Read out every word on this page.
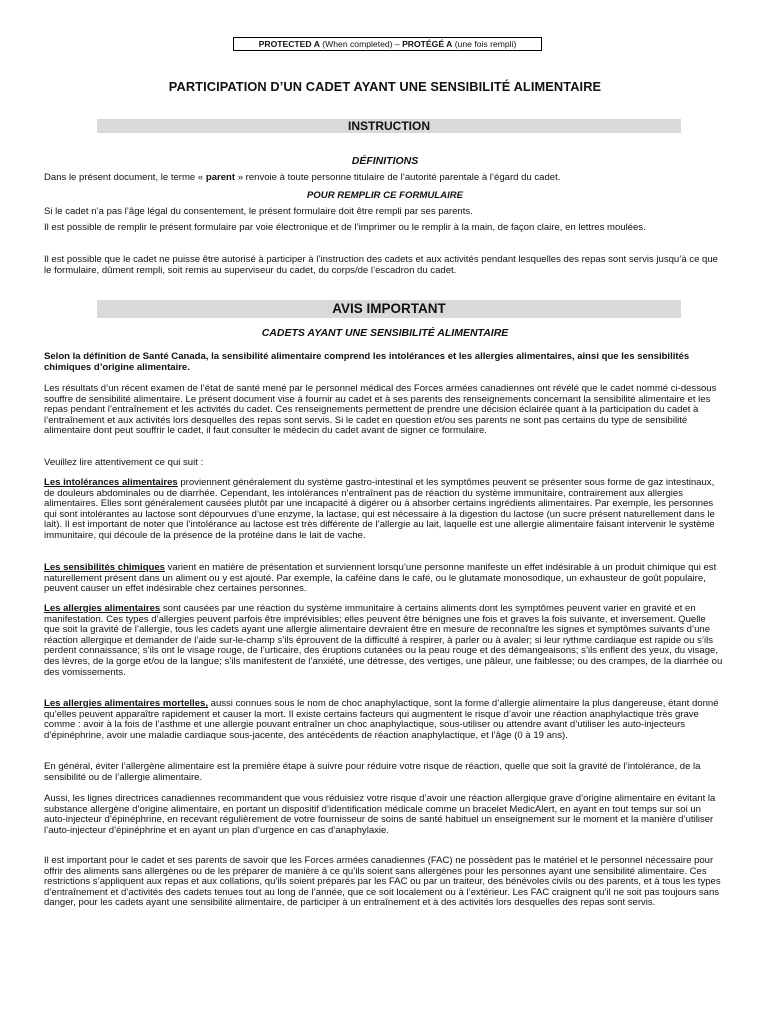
PROTECTED A (When completed) – PROTÉGÉ A (une fois rempli)
PARTICIPATION D’UN CADET AYANT UNE SENSIBILITÉ ALIMENTAIRE
INSTRUCTION
DÉFINITIONS

Dans le présent document, le terme « parent » renvoie à toute personne titulaire de l’autorité parentale à l’égard du cadet.

POUR REMPLIR CE FORMULAIRE

Si le cadet n’a pas l’âge légal du consentement, le présent formulaire doit être rempli par ses parents.

Il est possible de remplir le présent formulaire par voie électronique et de l’imprimer ou le remplir à la main, de façon claire, en lettres moulées.

Il est possible que le cadet ne puisse être autorisé à participer à l’instruction des cadets et aux activités pendant lesquelles des repas sont servis jusqu’à ce que le formulaire, dûment rempli, soit remis au superviseur du cadet, du corps/de l’escadron du cadet.

AVIS IMPORTANT
CADETS AYANT UNE SENSIBILITÉ ALIMENTAIRE

Selon la définition de Santé Canada, la sensibilité alimentaire comprend les intolérances et les allergies alimentaires, ainsi que les sensibilités chimiques d’origine alimentaire.

Les résultats d’un récent examen de l’état de santé mené par le personnel médical des Forces armées canadiennes ont révélé que le cadet nommé ci-dessous souffre de sensibilité alimentaire. Le présent document vise à fournir au cadet et à ses parents des renseignements concernant la sensibilité alimentaire et les repas pendant l’entraînement et les activités du cadet. Ces renseignements permettent de prendre une décision éclairée quant à la participation du cadet à l’entraînement et aux activités lors desquelles des repas sont servis. Si le cadet en question et/ou ses parents ne sont pas certains du type de sensibilité alimentaire dont peut souffrir le cadet, il faut consulter le médecin du cadet avant de signer ce formulaire.

Veuillez lire attentivement ce qui suit :

Les intolérances alimentaires proviennent généralement du système gastro-intestinal et les symptômes peuvent se présenter sous forme de gaz intestinaux, de douleurs abdominales ou de diarrhée. Cependant, les intolérances n’entraînent pas de réaction du système immunitaire, contrairement aux allergies alimentaires. Elles sont généralement causées plutôt par une incapacité à digérer ou à absorber certains ingrédients alimentaires. Par exemple, les personnes qui sont intolérantes au lactose sont dépourvues d’une enzyme, la lactase, qui est nécessaire à la digestion du lactose (un sucre présent naturellement dans le lait). Il est important de noter que l’intolérance au lactose est très différente de l’allergie au lait, laquelle est une allergie alimentaire faisant intervenir le système immunitaire, qui découle de la présence de la protéine dans le lait de vache.

Les sensibilités chimiques varient en matière de présentation et surviennent lorsqu’une personne manifeste un effet indésirable à un produit chimique qui est naturellement présent dans un aliment ou y est ajouté. Par exemple, la caféine dans le café, ou le glutamate monosodique, un exhausteur de goût populaire, peuvent causer un effet indésirable chez certaines personnes.

Les allergies alimentaires sont causées par une réaction du système immunitaire à certains aliments dont les symptômes peuvent varier en gravité et en manifestation. Ces types d’allergies peuvent parfois être imprévisibles; elles peuvent être bénignes une fois et graves la fois suivante, et inversement. Quelle que soit la gravité de l’allergie, tous les cadets ayant une allergie alimentaire devraient être en mesure de reconnaître les signes et symptômes suivants d’une réaction allergique et demander de l’aide sur-le-champ s’ils éprouvent de la difficulté à respirer, à parler ou à avaler; si leur rythme cardiaque est rapide ou s’ils perdent connaissance; s’ils ont le visage rouge, de l’urticaire, des éruptions cutanées ou la peau rouge et des démangeaisons; s’ils enflent des yeux, du visage, des lèvres, de la gorge et/ou de la langue; s’ils manifestent de l’anxiété, une détresse, des vertiges, une pâleur, une faiblesse; ou des crampes, de la diarrhée ou des vomissements.

Les allergies alimentaires mortelles, aussi connues sous le nom de choc anaphylactique, sont la forme d’allergie alimentaire la plus dangereuse, étant donné qu’elles peuvent apparaître rapidement et causer la mort. Il existe certains facteurs qui augmentent le risque d’avoir une réaction anaphylactique très grave comme : avoir à la fois de l’asthme et une allergie pouvant entraîner un choc anaphylactique, sous-utiliser ou attendre avant d’utiliser les auto-injecteurs d’épinéphrine, avoir une maladie cardiaque sous-jacente, des antécédents de réaction anaphylactique, et l’âge (0 à 19 ans).

En général, éviter l’allergène alimentaire est la première étape à suivre pour réduire votre risque de réaction, quelle que soit la gravité de l’intolérance, de la sensibilité ou de l’allergie alimentaire.

Aussi, les lignes directrices canadiennes recommandent que vous réduisiez votre risque d’avoir une réaction allergique grave d’origine alimentaire en évitant la substance allergène d’origine alimentaire, en portant un dispositif d’identification médicale comme un bracelet MedicAlert, en ayant en tout temps sur soi un auto-injecteur d’épinéphrine, en recevant régulièrement de votre fournisseur de soins de santé habituel un enseignement sur le moment et la manière d’utiliser l’auto-injecteur d’épinéphrine et en ayant un plan d’urgence en cas d’anaphylaxie.

Il est important pour le cadet et ses parents de savoir que les Forces armées canadiennes (FAC) ne possèdent pas le matériel et le personnel nécessaire pour offrir des aliments sans allergènes ou de les préparer de manière à ce qu’ils soient sans allergènes pour les personnes ayant une sensibilité alimentaire. Ces restrictions s’appliquent aux repas et aux collations, qu’ils soient préparés par les FAC ou par un traiteur, des bénévoles civils ou des parents, et à tous les types d’entraînement et d’activités des cadets tenues tout au long de l’année, que ce soit localement ou à l’extérieur. Les FAC craignent qu’il ne soit pas toujours sans danger, pour les cadets ayant une sensibilité alimentaire, de participer à un entraînement et à des activités lors desquelles des repas sont servis.
